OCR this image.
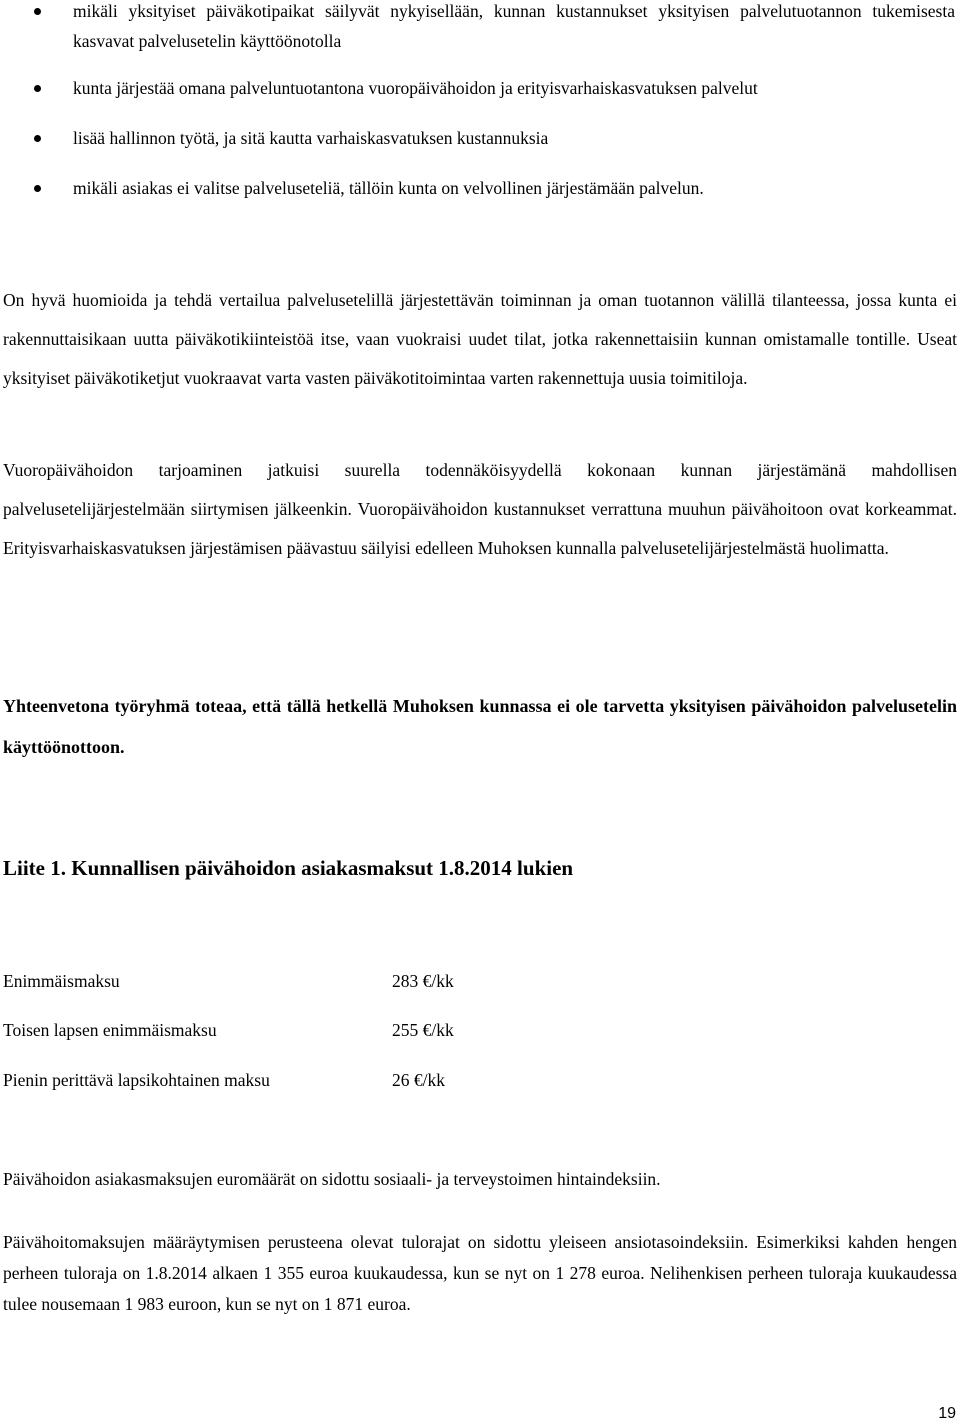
mikäli yksityiset päiväkotipaikat säilyvät nykyisellään, kunnan kustannukset yksityisen palvelutuotannon tukemisesta kasvavat palvelusetelin käyttöönotolla
kunta järjestää omana palveluntuotantona vuoropäivähoidon ja erityisvarhaiskasvatuksen palvelut
lisää hallinnon työtä, ja sitä kautta varhaiskasvatuksen kustannuksia
mikäli asiakas ei valitse palveluseteliä, tällöin kunta on velvollinen järjestämään palvelun.
On hyvä huomioida ja tehdä vertailua palvelusetelillä järjestettävän toiminnan ja oman tuotannon välillä tilanteessa, jossa kunta ei rakennuttaisikaan uutta päiväkotikiinteistöä itse, vaan vuokraisi uudet tilat, jotka rakennettaisiin kunnan omistamalle tontille. Useat yksityiset päiväkotiketjut vuokraavat varta vasten päiväkotitoimintaa varten rakennettuja uusia toimitiloja.
Vuoropäivähoidon tarjoaminen jatkuisi suurella todennäköisyydellä kokonaan kunnan järjestämänä mahdollisen palvelusetelijärjestelmään siirtymisen jälkeenkin. Vuoropäivähoidon kustannukset verrattuna muuhun päivähoitoon ovat korkeammat. Erityisvarhaiskasvatuksen järjestämisen päävastuu säilyisi edelleen Muhoksen kunnalla palvelusetelijärjestelmästä huolimatta.
Yhteenvetona työryhmä toteaa, että tällä hetkellä Muhoksen kunnassa ei ole tarvetta yksityisen päivähoidon palvelusetelin käyttöönottoon.
Liite 1. Kunnallisen päivähoidon asiakasmaksut 1.8.2014 lukien
Enimmäismaksu	283 €/kk
Toisen lapsen enimmäismaksu	255 €/kk
Pienin perittävä lapsikohtainen maksu	26 €/kk
Päivähoidon asiakasmaksujen euromäärät on sidottu sosiaali- ja terveystoimen hintaindeksiin.
Päivähoitomaksujen määräytymisen perusteena olevat tulorajat on sidottu yleiseen ansiotasoindeksiin. Esimerkiksi kahden hengen perheen tuloraja on 1.8.2014 alkaen 1 355 euroa kuukaudessa, kun se nyt on 1 278 euroa. Nelihenkisen perheen tuloraja kuukaudessa tulee nousemaan 1 983 euroon, kun se nyt on 1 871 euroa.
19
